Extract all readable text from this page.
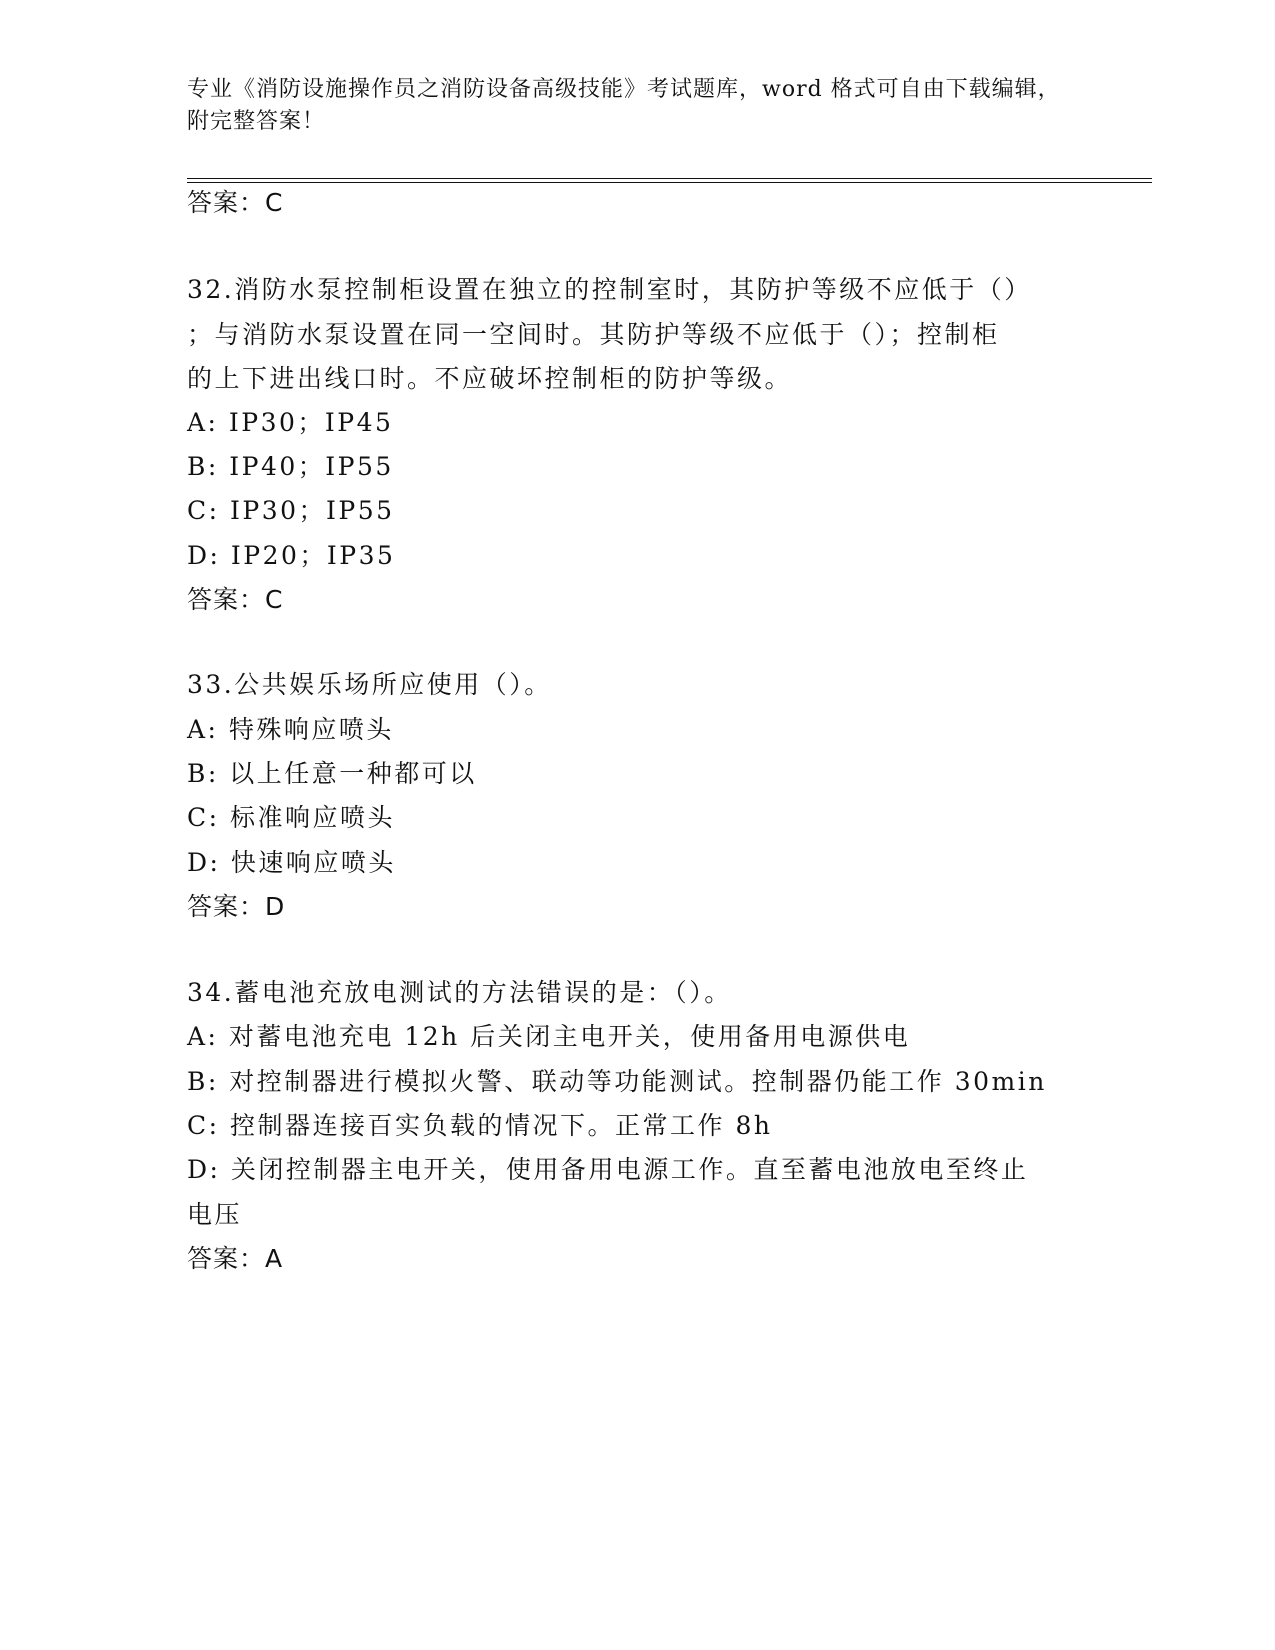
专业《消防设施操作员之消防设备高级技能》考试题库，word 格式可自由下载编辑，附完整答案！
答案：C
32.消防水泵控制柜设置在独立的控制室时，其防护等级不应低于（）
；与消防水泵设置在同一空间时。其防护等级不应低于（）；控制柜
的上下进出线口时。不应破坏控制柜的防护等级。
A: IP30；IP45
B: IP40；IP55
C: IP30；IP55
D: IP20；IP35
答案：C
33.公共娱乐场所应使用（）。
A: 特殊响应喷头
B: 以上任意一种都可以
C: 标准响应喷头
D: 快速响应喷头
答案：D
34.蓄电池充放电测试的方法错误的是：（）。
A: 对蓄电池充电 12h 后关闭主电开关，使用备用电源供电
B: 对控制器进行模拟火警、联动等功能测试。控制器仍能工作 30min
C: 控制器连接百实负载的情况下。正常工作 8h
D: 关闭控制器主电开关，使用备用电源工作。直至蓄电池放电至终止
电压
答案：A
